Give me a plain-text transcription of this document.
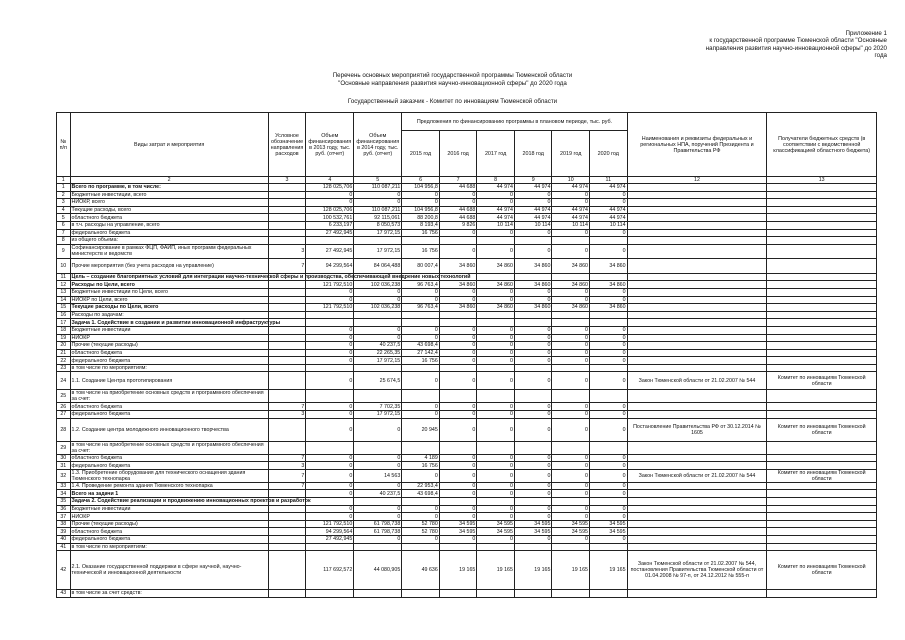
Приложение 1
к государственной программе Тюменской области "Основные
направления развития научно-инновационной сферы" до 2020
года
Перечень основных мероприятий государственной программы Тюменской области
"Основные направления развития научно-инновационной сферы" до 2020 года
Государственный заказчик - Комитет по инновациям Тюменской области
№ п/п	Виды затрат и мероприятия	Условное обозначение направления расходов	Объем финансирования в 2013 году, тыс. руб. (отчет)	Объем финансирования в 2014 году, тыс. руб. (отчет)	Предложения по финансированию программы в плановом периоде, тыс. руб.						Наименования и реквизиты федеральных и региональных НПА, поручений Президента и Правительства РФ	Получатели бюджетных средств (в соответствии с ведомственной классификацией областного бюджета)
					2015 год	2016 год	2017 год	2018 год	2019 год	2020 год		
1	2	3	4	5	6	7	8	9	10	11	12	13
1	Всего по программе, в том числе:		128 025,706	110 087,211	104 956,8	44 688	44 974	44 974	44 974	44 974		
2	Бюджетные инвестиции, всего		0	0	0	0	0	0	0	0		
3	НИОКР, всего		0	0	0	0	0	0	0	0		
4	Текущие расходы, всего		128 025,706	110 087,211	104 956,8	44 688	44 974	44 974	44 974	44 974		
5	областного бюджета		100 532,761	92 115,061	88 200,8	44 688	44 974	44 974	44 974	44 974		
6	в т.ч. расходы на управление, всего		6 233,197	8 050,573	8 193,4	9 826	10 114	10 114	10 114	10 114		
7	федерального бюджета		27 492,945	17 972,15	16 756	0	0	0	0	0		
8	из общего объема:											
9	Софинансирование в рамках ФЦП, ФАИП, иных программ федеральных министерств и ведомств	3	27 492,945	17 972,15	16 756	0	0	0	0	0		
10	Прочие мероприятия (без учета расходов на управление)	7	94 299,564	84 064,488	80 007,4	34 860	34 860	34 860	34 860	34 860		
11	Цель – создание благоприятных условий для интеграции научно-технической сферы и производства, обеспечивающей внедрение новых технологий											
12	Расходы по Цели, всего		121 792,510	102 036,238	96 763,4	34 860	34 860	34 860	34 860	34 860		
13	Бюджетные инвестиции по Цели, всего		0	0	0	0	0	0	0	0		
14	НИОКР по Цели, всего		0	0	0	0	0	0	0	0		
15	Текущие расходы по Цели, всего		121 792,510	102 036,238	96 763,4	34 860	34 860	34 860	34 860	34 860		
16	Расходы по задачам:											
17	Задача 1. Содействие в создании и развитии инновационной инфраструктуры											
18	Бюджетные инвестиции		0	0	0	0	0	0	0	0		
19	НИОКР		0	0	0	0	0	0	0	0		
20	Прочие (текущие расходы)		0	40 237,5	43 698,4	0	0	0	0	0		
21	областного бюджета		0	22 265,35	27 142,4	0	0	0	0	0		
22	федерального бюджета		0	17 972,15	16 756	0	0	0	0	0		
23	в том числе по мероприятиям:											
24	1.1. Создание Центра прототипирования		0	25 674,5	0	0	0	0	0	0	Закон Тюменской области от 21.02.2007 № 544	Комитет по инновациям Тюменской области
25	в том числе на приобретение основных средств и программного обеспечения за счет:											
26	областного бюджета	7	0	7 702,35	0	0	0	0	0	0		
27	федерального бюджета	3	0	17 972,15	0	0	0	0	0	0		
28	1.2. Создание центра молодежного инновационного творчества		0	0	20 945	0	0	0	0	0	Постановление Правительства РФ от 30.12.2014 № 1605	Комитет по инновациям Тюменской области
29	в том числе на приобретение основных средств и программного обеспечения за счет:											
30	областного бюджета	7	0	0	4 189	0	0	0	0	0		
31	федерального бюджета	3	0	0	16 756	0	0	0	0	0		
32	1.3. Приобретение оборудования для технического оснащения здания Тюменского технопарка	7	0	14 563	0	0	0	0	0	0	Закон Тюменской области от 21.02.2007 № 544	Комитет по инновациям Тюменской области
33	1.4. Проведение ремонта здания Тюменского технопарка	7	0	0	22 953,4	0	0	0	0	0		
34	Всего на задачи 1		0	40 237,5	43 698,4	0	0	0	0	0		
35	Задача 2. Содействие реализации и продвижению инновационных проектов и разработок											
36	Бюджетные инвестиции		0	0	0	0	0	0	0	0		
37	НИОКР		0	0	0	0	0	0	0	0		
38	Прочие (текущие расходы)		121 792,510	61 798,738	52 780	34 595	34 595	34 595	34 595	34 595		
39	областного бюджета		94 299,564	61 798,738	52 780	34 595	34 595	34 595	34 595	34 595		
40	федерального бюджета		27 492,945	0	0	0	0	0	0	0		
41	в том числе по мероприятиям:											
42	2.1. Оказание государственной поддержки в сфере научной, научно-технической и инновационной деятельности		117 692,572	44 080,905	49 636	19 165	19 165	19 165	19 165	19 165	Закон Тюменской области от 21.02.2007 № 544, постановления Правительства Тюменской области от 01.04.2008 № 97-п, от 24.12.2012 № 555-п	Комитет по инновациям Тюменской области
43	в том числе за счет средств:											
